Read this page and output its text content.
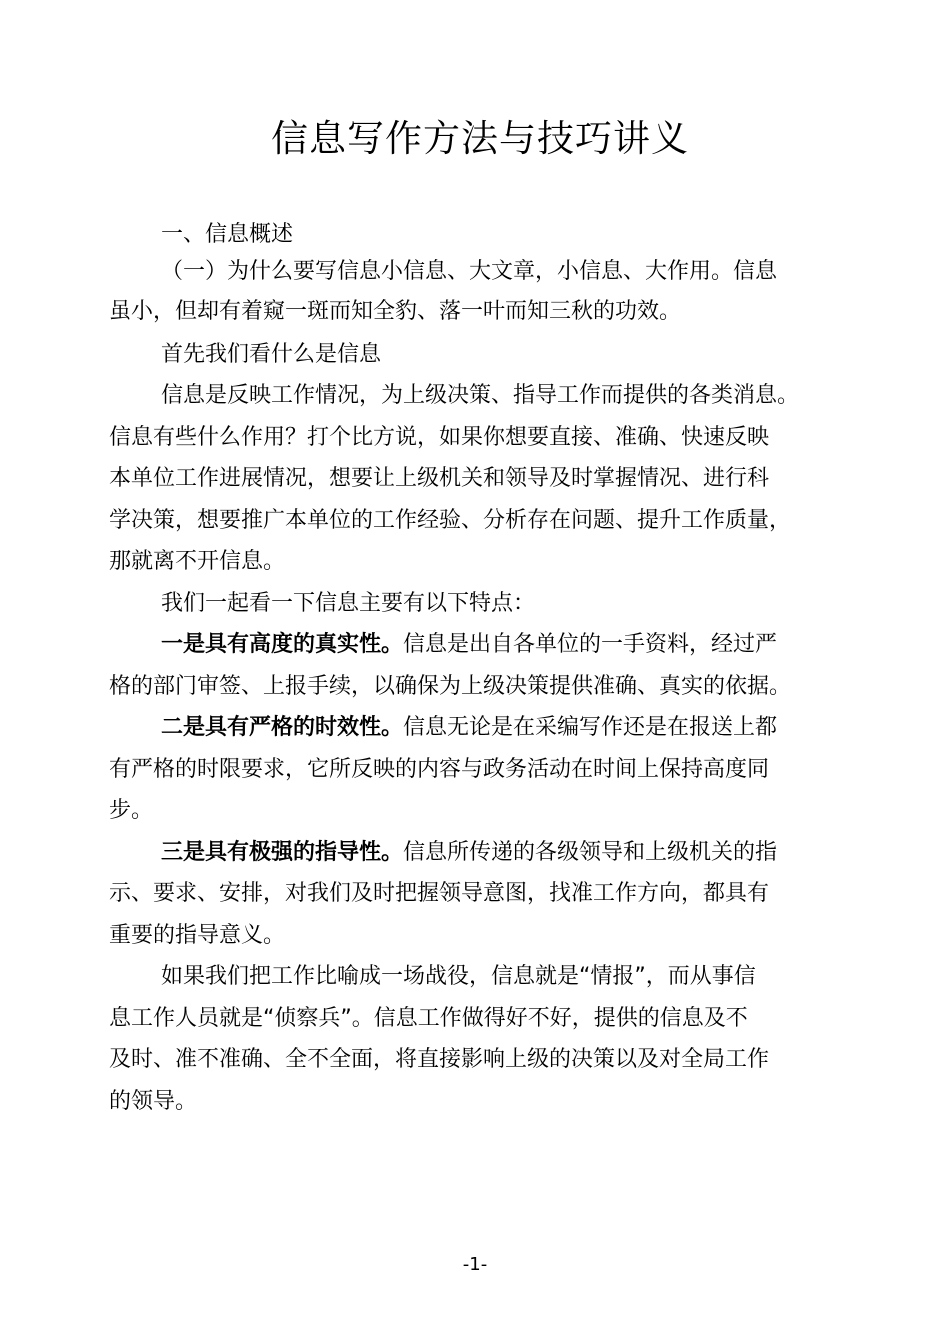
信息写作方法与技巧讲义

一、信息概述

（一）为什么要写信息小信息、大文章，小信息、大作用。信息

虽小，但却有着窥一斑而知全豹、落一叶而知三秋的功效。

首先我们看什么是信息

信息是反映工作情况，为上级决策、指导工作而提供的各类消息。

信息有些什么作用？打个比方说，如果你想要直接、准确、快速反映

本单位工作进展情况，想要让上级机关和领导及时掌握情况、进行科

学决策，想要推广本单位的工作经验、分析存在问题、提升工作质量，

那就离不开信息。

我们一起看一下信息主要有以下特点：

一是具有高度的真实性。信息是出自各单位的一手资料，经过严

格的部门审签、上报手续，以确保为上级决策提供准确、真实的依据。

二是具有严格的时效性。信息无论是在采编写作还是在报送上都

有严格的时限要求，它所反映的内容与政务活动在时间上保持高度同

步。

三是具有极强的指导性。信息所传递的各级领导和上级机关的指

示、要求、安排，对我们及时把握领导意图，找准工作方向，都具有

重要的指导意义。

如果我们把工作比喻成一场战役，信息就是“情报”，而从事信

息工作人员就是“侦察兵”。信息工作做得好不好，提供的信息及不

及时、准不准确、全不全面，将直接影响上级的决策以及对全局工作

的领导。

-1-
